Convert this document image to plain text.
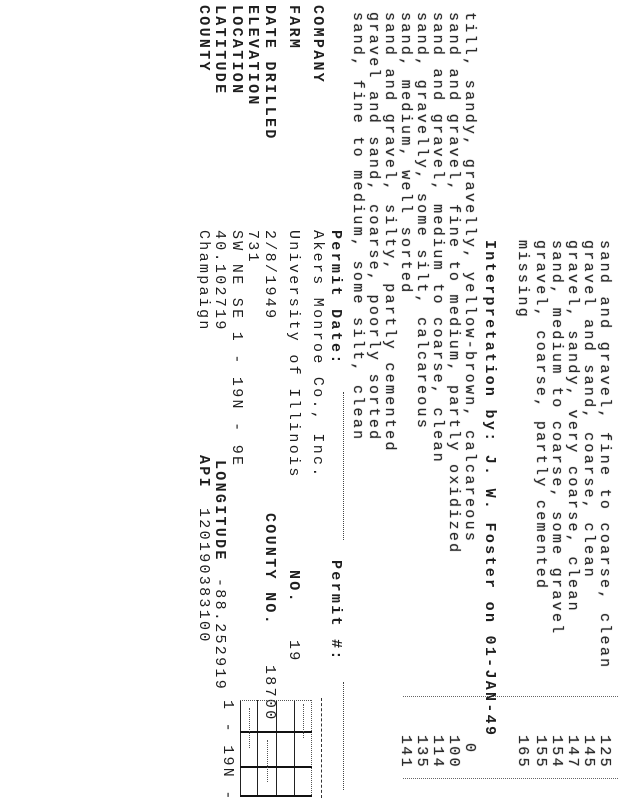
sand and gravel, fine to coarse, clean
125
gravel and sand, coarse, clean
145
gravel, sandy, very coarse, clean
147
sand, medium to coarse, some gravel
154
gravel, coarse, partly cemented
155
missing
165
Interpretation by: J. W. Foster on 01-JAN-49
till, sandy, gravelly, yellow-brown, calcareous
0
sand and gravel, fine to medium, partly oxidized
100
sand and gravel, medium to coarse, clean
114
sand, gravelly, some silt, calcareous
135
sand, medium, well sorted
141
sand and gravel, silty, partly cemented
gravel and sand, coarse, poorly sorted
sand, fine to medium, some silt, clean
Permit Date:
Permit #:
COMPANY
Akers Monroe Co., Inc.
FARM
University of Illinois
NO.
19
DATE DRILLED
2/8/1949
COUNTY NO.
18700
ELEVATION
731
LOCATION
SW NE SE 1 - 19N - 9E
LATITUDE
40.102719
LONGITUDE
-88.252919
COUNTY
Champaign
API
120190383100
1 - 19N -
